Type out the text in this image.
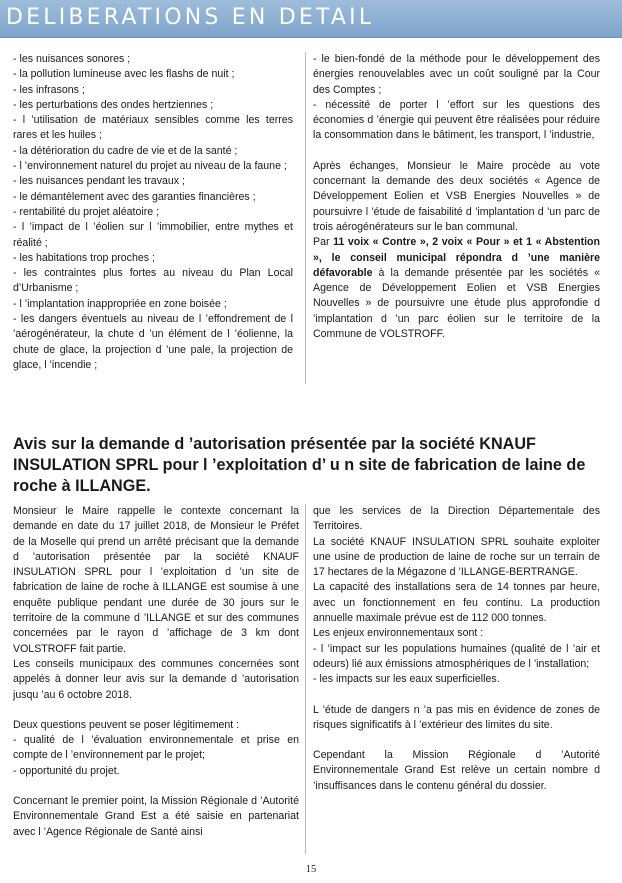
DELIBERATIONS EN DETAIL

- les nuisances sonores ;

- la pollution lumineuse avec les flashs de nuit ;

- les infrasons ;

- les perturbations des ondes hertziennes ;

- l ’utilisation de matériaux sensibles comme les terres rares et les huiles ;

- la détérioration du cadre de vie et de la santé ;

- l ’environnement naturel du projet au niveau de la faune ;

- les nuisances pendant les travaux ;

- le démantèlement avec des garanties financières ;

- rentabilité du projet aléatoire ;

- l ’impact de l ’éolien sur l ’immobilier, entre mythes et réalité ;

- les habitations trop proches ;

- les contraintes plus fortes au niveau du Plan Local d’Urbanisme ;

- l ’implantation inappropriée en zone boisée ;

- les dangers éventuels au niveau de l ’effondrement de l ’aérogénérateur, la chute d ’un élément de l ’éolienne, la chute de glace, la projection d ’une pale, la projection de glace, l ’incendie ;

- le bien-fondé de la méthode pour le développement des énergies renouvelables avec un coût souligné par la Cour des Comptes ;

- nécessité de porter l ’effort sur les questions des économies d ’énergie qui peuvent être réalisées pour réduire la consommation dans le bâtiment, les transport, l ’industrie,

Après échanges, Monsieur le Maire procède au vote concernant la demande des deux sociétés « Agence de Développement Eolien et VSB Energies Nouvelles » de poursuivre l ’étude de faisabilité d ’implantation d ’un parc de trois aérogénérateurs sur le ban communal.

Par 11 voix « Contre », 2 voix « Pour » et 1 « Abstention », le conseil municipal répondra d ’une manière défavorable à la demande présentée par les sociétés « Agence de Développement Eolien et VSB Energies Nouvelles » de poursuivre une étude plus approfondie d ’implantation d ’un parc éolien sur le territoire de la Commune de VOLSTROFF.

Avis sur la demande d ’autorisation présentée par la société KNAUF INSULATION SPRL pour l ’exploitation d’ u n site de fabrication de laine de roche à ILLANGE.

Monsieur le Maire rappelle le contexte concernant la demande en date du 17 juillet 2018, de Monsieur le Préfet de la Moselle qui prend un arrêté précisant que la demande d ’autorisation présentée par la société KNAUF INSULATION SPRL pour l ’exploitation d ’un site de fabrication de laine de roche à ILLANGE est soumise à une enquête publique pendant une durée de 30 jours sur le territoire de la commune d ’ILLANGE et sur des communes concernées par le rayon d ’affichage de 3 km dont VOLSTROFF fait partie.

Les conseils municipaux des communes concernées sont appelés à donner leur avis sur la demande d ’autorisation jusqu ’au 6 octobre 2018.

Deux questions peuvent se poser légitimement :

- qualité de l ’évaluation environnementale et prise en compte de l ’environnement par le projet;

- opportunité du projet.

Concernant le premier point, la Mission Régionale d ’Autorité Environnementale Grand Est a été saisie en partenariat avec l ’Agence Régionale de Santé ainsi

que les services de la Direction Départementale des Territoires.

La société KNAUF INSULATION SPRL souhaite exploiter une usine de production de laine de roche sur un terrain de 17 hectares de la Mégazone d ’ILLANGE-BERTRANGE.

La capacité des installations sera de 14 tonnes par heure, avec un fonctionnement en feu continu. La production annuelle maximale prévue est de 112 000 tonnes.

Les enjeux environnementaux sont :

- l ’impact sur les populations humaines (qualité de l ’air et odeurs) lié aux émissions atmosphériques de l ’installation;

- les impacts sur les eaux superficielles.

L ’étude de dangers n ’a pas mis en évidence de zones de risques significatifs à l ’extérieur des limites du site.

Cependant la Mission Régionale d ’Autorité Environnementale Grand Est relève un certain nombre d ’insuffisances dans le contenu général du dossier.

15
